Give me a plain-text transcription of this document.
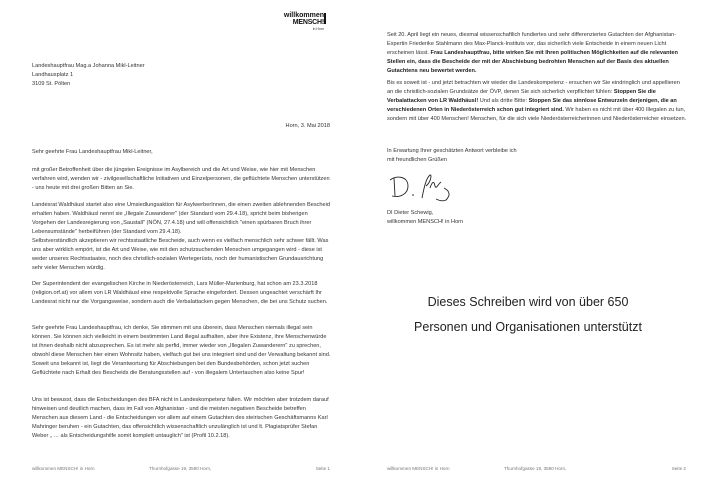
willkommen
MENSCH!
in Horn
Landeshauptfrau Mag.a Johanna Mikl-Leitner
Landhausplatz 1
3109 St. Pölten
Horn, 3. Mai 2018
Sehr geehrte Frau Landeshauptfrau Mikl-Leitner,
mit großer Betroffenheit über die jüngsten Ereignisse im Asylbereich und die Art und Weise, wie hier mit Menschen verfahren wird, wenden wir - zivilgesellschaftliche Initiativen und Einzelpersonen, die geflüchtete Menschen unterstützen - uns heute mit drei großen Bitten an Sie.
Landesrat Waldhäusl startet also eine Umsiedlungsaktion für AsylwerberInnen, die einen zweiten ablehnenden Bescheid erhalten haben. Waldhäusl nennt sie „Illegale Zuwanderer" (der Standard vom 29.4.18), spricht beim bisherigen Vorgehen der Landesregierung von „Saustall" (NÖN, 27.4.18) und will offensichtlich "einen spürbaren Bruch ihrer Lebensumstände" herbeiführen (der Standard vom 29.4.18).
Selbstverständlich akzeptieren wir rechtsstaatliche Bescheide, auch wenn es vielfach menschlich sehr schwer fällt. Was uns aber wirklich empört, ist die Art und Weise, wie mit den schutzsuchenden Menschen umgegangen wird - diese ist weder unseres Rechtsstaates, noch des christlich-sozialen Wertegerüsts, noch der humanistischen Grundausrichtung sehr vieler Menschen würdig.
Der Superintendent der evangelischen Kirche in Niederösterreich, Lars Müller-Marienburg, hat schon am 23.3.2018 (religion.orf.at) vor allem von LR Waldhäusl eine respektvolle Sprache eingefordert. Dessen ungeachtet verschärft Ihr Landesrat nicht nur die Vorgangsweise, sondern auch die Verbalattacken gegen Menschen, die bei uns Schutz suchen.
Sehr geehrte Frau Landeshauptfrau, ich denke, Sie stimmen mit uns überein, dass Menschen niemals illegal sein können. Sie können sich vielleicht in einem bestimmten Land illegal aufhalten, aber ihre Existenz, ihre Menschenwürde ist ihnen deshalb nicht abzusprechen. Es ist mehr als perfid, immer wieder von „Illegalen Zuwanderern" zu sprechen, obwohl diese Menschen hier einen Wohnsitz haben, vielfach gut bei uns integriert sind und der Verwaltung bekannt sind.
Soweit uns bekannt ist, liegt die Verantwortung für Abschiebungen bei den Bundesbehörden, schon jetzt suchen Geflüchtete nach Erhalt des Bescheids die Beratungsstellen auf - von illegalem Untertauchen also keine Spur!
Uns ist bewusst, dass die Entscheidungen des BFA nicht in Landeskompetenz fallen. Wir möchten aber trotzdem darauf hinweisen und deutlich machen, dass im Fall von Afghanistan - und die meisten negativen Bescheide betreffen Menschen aus diesem Land - die Entscheidungen vor allem auf einem Gutachten des steirischen Geschäftsmanns Karl Mahringer beruhen - ein Gutachten, das offensichtlich wissenschaftlich unzulänglich ist und lt. Plagiatsprüfer Stefan Weber „ … als Entscheidungshilfe somit komplett untauglich" ist (Profil 10.2.18).
willkommen MENSCH! in Horn	Thurnhofgasse 19, 3580 Horn,	Seite 1
Seit 20. April liegt ein neues, diesmal wissenschaftlich fundiertes und sehr differenziertes Gutachten der Afghanistan-Expertin Friederike Stahlmann des Max-Planck-Instituts vor, das sicherlich viele Entscheide in einem neuen Licht erscheinen lässt. Frau Landeshauptfrau, bitte wirken Sie mit Ihren politischen Möglichkeiten auf die relevanten Stellen ein, dass die Bescheide der mit der Abschiebung bedrohten Menschen auf der Basis des aktuellen Gutachtens neu bewertet werden.
Bis es soweit ist - und jetzt betrachten wir wieder die Landeskompetenz - ersuchen wir Sie eindringlich und appellieren an die christlich-sozialen Grundsätze der ÖVP, denen Sie sich sicherlich verpflichtet fühlen: Stoppen Sie die Verbalattacken von LR Waldhäusl! Und als dritte Bitte: Stoppen Sie das sinnlose Entwurzeln derjenigen, die an verschiedenen Orten in Niederösterreich schon gut integriert sind. Wir haben es nicht mit über 400 Illegalen zu tun, sondern mit über 400 Menschen! Menschen, für die sich viele Niederösterreicherinnen und Niederösterreicher einsetzen.
In Erwartung Ihrer geschätzten Antwort verbleibe ich
mit freundlichen Grüßen
DI Dieter Schewig,
willkommen MENSCH! in Horn
Dieses Schreiben wird von über 650 Personen und Organisationen unterstützt
willkommen MENSCH! in Horn	Thurnhofgasse 19, 3580 Horn,	Seite 2
